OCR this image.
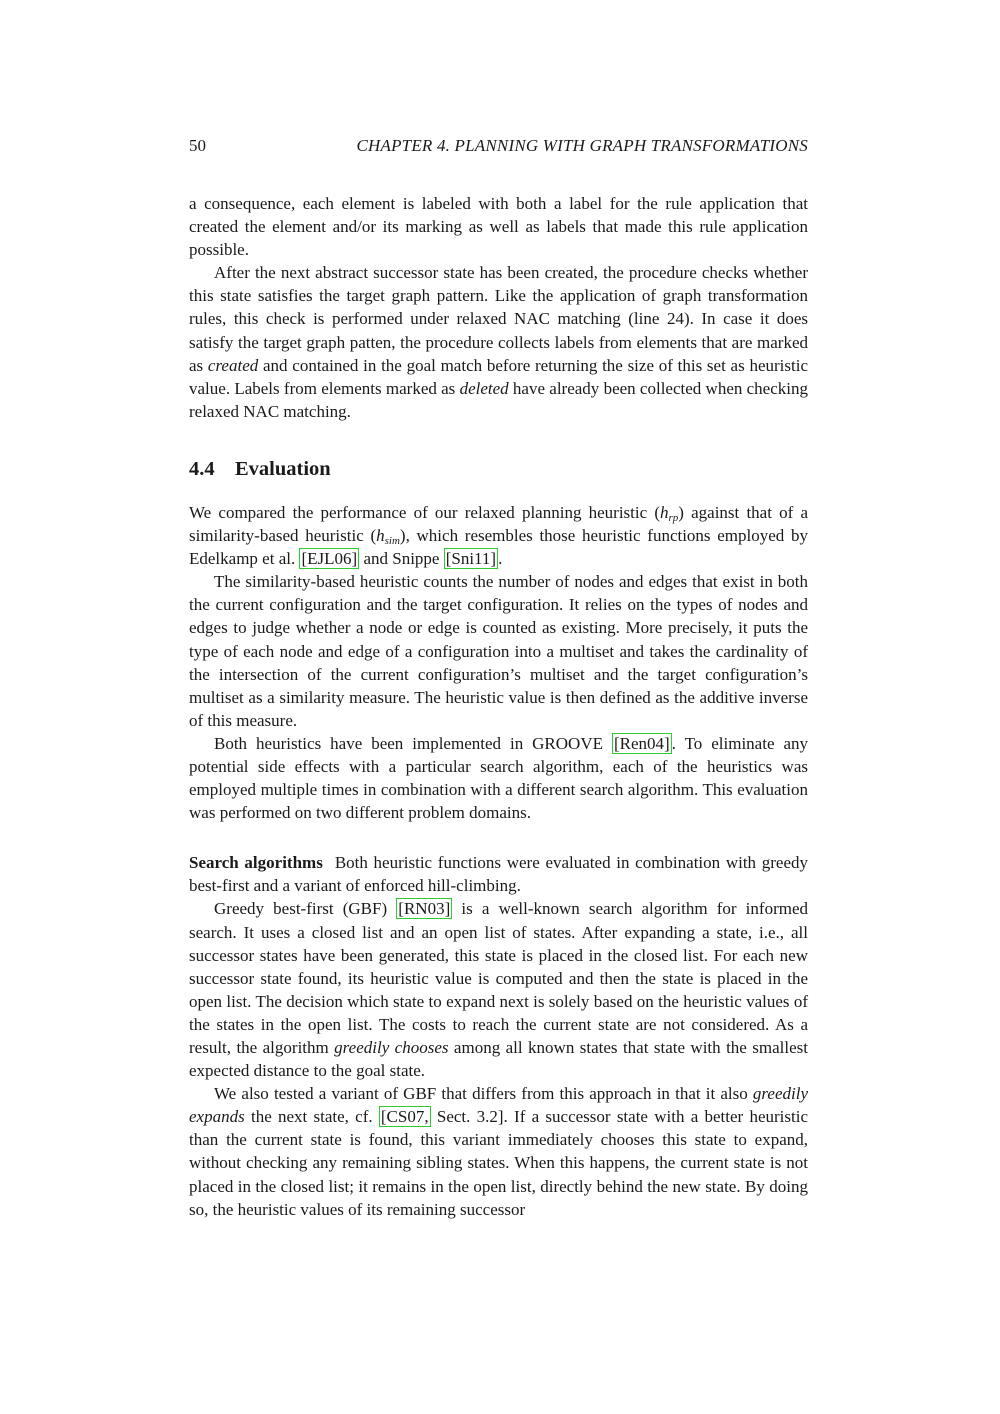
50	CHAPTER 4. PLANNING WITH GRAPH TRANSFORMATIONS

a consequence, each element is labeled with both a label for the rule application that created the element and/or its marking as well as labels that made this rule application possible.

After the next abstract successor state has been created, the procedure checks whether this state satisfies the target graph pattern. Like the application of graph transformation rules, this check is performed under relaxed NAC matching (line 24). In case it does satisfy the target graph patten, the procedure collects labels from elements that are marked as created and contained in the goal match before returning the size of this set as heuristic value. Labels from elements marked as deleted have already been collected when checking relaxed NAC matching.

4.4 Evaluation

We compared the performance of our relaxed planning heuristic $(h_{rp})$ against that of a similarity-based heuristic $(h_{sim})$, which resembles those heuristic functions employed by Edelkamp et al. [EJL06] and Snippe [Sni11] .

The similarity-based heuristic counts the number of nodes and edges that exist in both the current configuration and the target configuration. It relies on the types of nodes and edges to judge whether a node or edge is counted as existing. More precisely, it puts the type of each node and edge of a configuration into a multiset and takes the cardinality of the intersection of the current configuration’s multiset and the target configuration’s multiset as a similarity measure. The heuristic value is then defined as the additive inverse of this measure.

Both heuristics have been implemented in GROOVE [Ren04] . To eliminate any potential side effects with a particular search algorithm, each of the heuristics was employed multiple times in combination with a different search algorithm. This evaluation was performed on two different problem domains.

Search algorithms Both heuristic functions were evaluated in combination with greedy best-first and a variant of enforced hill-climbing.

Greedy best-first (GBF) [RN03] is a well-known search algorithm for informed search. It uses a closed list and an open list of states. After expanding a state, i.e., all successor states have been generated, this state is placed in the closed list. For each new successor state found, its heuristic value is computed and then the state is placed in the open list. The decision which state to expand next is solely based on the heuristic values of the states in the open list. The costs to reach the current state are not considered. As a result, the algorithm greedily chooses among all known states that state with the smallest expected distance to the goal state.

We also tested a variant of GBF that differs from this approach in that it also greedily expands the next state, cf. [CS07, Sect. 3.2]. If a successor state with a better heuristic than the current state is found, this variant immediately chooses this state to expand, without checking any remaining sibling states. When this happens, the current state is not placed in the closed list; it remains in the open list, directly behind the new state. By doing so, the heuristic values of its remaining successor
